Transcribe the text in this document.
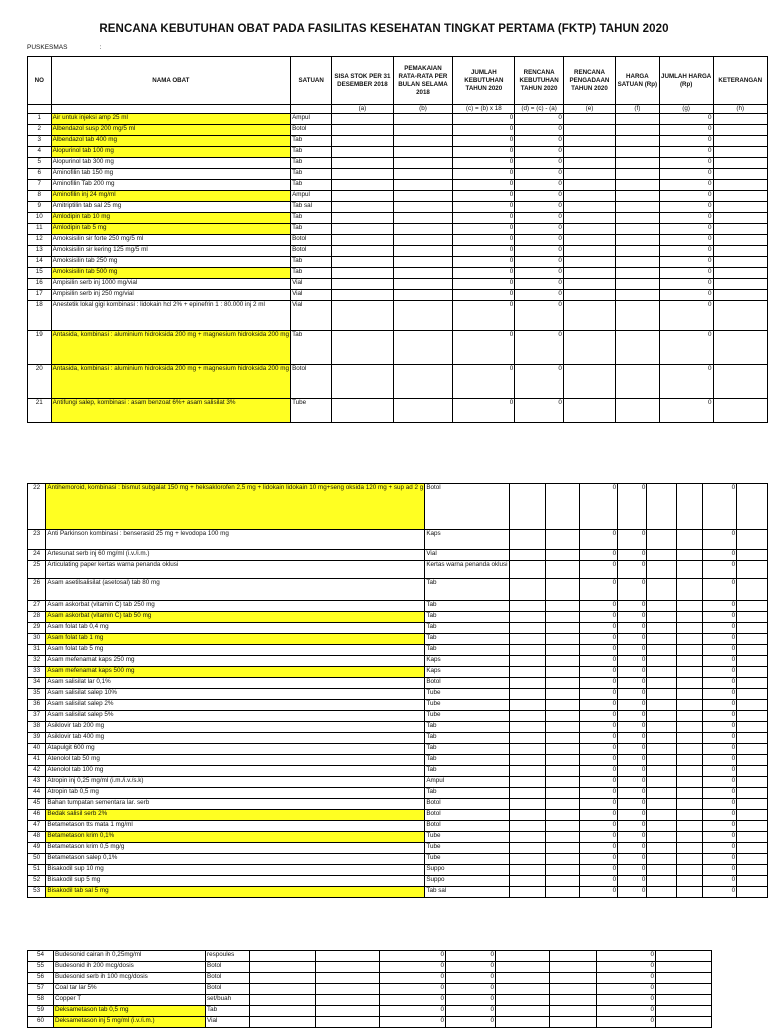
RENCANA KEBUTUHAN OBAT PADA FASILITAS KESEHATAN TINGKAT PERTAMA (FKTP) TAHUN 2020
PUSKESMAS	:
NO	NAMA OBAT	SATUAN	SISA STOK PER 31 DESEMBER 2018	PEMAKAIAN RATA-RATA PER BULAN SELAMA 2018	JUMLAH KEBUTUHAN TAHUN 2020	RENCANA KEBUTUHAN TAHUN 2020	RENCANA PENGADAAN TAHUN 2020	HARGA SATUAN (Rp)	JUMLAH HARGA (Rp)	KETERANGAN
			(a)	(b)	(c) = (b) x 18	(d) = (c) - (a)	(e)	(f)	(g)	(h)
1	Air untuk injeksi amp 25 ml	Ampul			0	0			0	
2	Albendazol susp 200 mg/5 ml	Botol			0	0			0	
3	Albendazol tab 400 mg	Tab			0	0			0	
4	Alopurinol tab 100 mg	Tab			0	0			0	
5	Alopurinol tab 300 mg	Tab			0	0			0	
6	Aminofilin tab 150 mg	Tab			0	0			0	
7	Aminofilin Tab 200 mg	Tab			0	0			0	
8	Aminofilin inj 24 mg/ml	Ampul			0	0			0	
9	Amitriptilin tab sal 25 mg	Tab sal			0	0			0	
10	Amlodipin tab 10 mg	Tab			0	0			0	
11	Amlodipin tab 5 mg	Tab			0	0			0	
12	Amoksisilin sir forte 250 mg/5 ml	Botol			0	0			0	
13	Amoksisilin sir kering 125 mg/5 ml	Botol			0	0			0	
14	Amoksisilin tab 250 mg	Tab			0	0			0	
15	Amoksisilin tab 500 mg	Tab			0	0			0	
16	Ampisilin serb inj 1000 mg/vial	Vial			0	0			0	
17	Ampisilin serb inj 250 mg/vial	Vial			0	0			0	
18	Anestetik lokal gigi kombinasi : lidokain hcl 2% + epinefrin 1 : 80.000 inj 2 ml	Vial			0	0			0	
19	Antasida, kombinasi : aluminium hidroksida 200 mg + magnesium hidroksida 200 mg	Tab			0	0			0	
20	Antasida, kombinasi : aluminium hidroksida 200 mg + magnesium hidroksida 200 mg	Botol			0	0			0	
21	Antifungi salep, kombinasi : asam benzoat 6%+ asam salisilat 3%	Tube			0	0			0	
22	Antihemoroid, kombinasi : bismut subgalat 150 mg + heksaklorofen 2,5 mg + lidokain lidokain 10 mg+seng oksida 120 mg + sup ad 2 g	Botol			0	0			0	
23	Anti Parkinson kombinasi : benserasid 25 mg + levodopa 100 mg	Kaps			0	0			0	
24	Artesunat serb inj 60 mg/ml (i.v./i.m.)	Vial			0	0			0	
25	Articulating paper kertas warna penanda oklusi	Kertas warna penanda oklusi			0	0			0	
26	Asam asetilsalisilat (asetosal) tab 80 mg	Tab			0	0			0	
27	Asam askorbat (vitamin C) tab 250 mg	Tab			0	0			0	
28	Asam askorbat (vitamin C) tab 50 mg	Tab			0	0			0	
29	Asam folat tab 0,4 mg	Tab			0	0			0	
30	Asam folat tab 1 mg	Tab			0	0			0	
31	Asam folat tab 5 mg	Tab			0	0			0	
32	Asam mefenamat kaps 250 mg	Kaps			0	0			0	
33	Asam mefenamat kaps 500 mg	Kaps			0	0			0	
34	Asam salisilat lar 0,1%	Botol			0	0			0	
35	Asam salisilat salep 10%	Tube			0	0			0	
36	Asam salisilat salep 2%	Tube			0	0			0	
37	Asam salisilat salep 5%	Tube			0	0			0	
38	Asiklovir tab 200 mg	Tab			0	0			0	
39	Asiklovir tab 400 mg	Tab			0	0			0	
40	Atapulgit 600 mg	Tab			0	0			0	
41	Atenolol tab 50 mg	Tab			0	0			0	
42	Atenolol tab 100 mg	Tab			0	0			0	
43	Atropin inj 0,25 mg/ml (i.m./i.v./s.k)	Ampul			0	0			0	
44	Atropin tab 0,5 mg	Tab			0	0			0	
45	Bahan tumpatan sementara lar. serb	Botol			0	0			0	
46	Bedak salisil serb 2%	Botol			0	0			0	
47	Betametason tts mata 1 mg/ml	Botol			0	0			0	
48	Betametason krim 0,1%	Tube			0	0			0	
49	Betametason krim 0,5 mg/g	Tube			0	0			0	
50	Betametason salep 0,1%	Tube			0	0			0	
51	Bisakodil sup 10 mg	Suppo			0	0			0	
52	Bisakodil sup 5 mg	Suppo			0	0			0	
53	Bisakodil tab sal 5 mg	Tab sal			0	0			0	
54	Budesonid cairan ih 0,25mg/ml	respoules			0	0			0	
55	Budesonid ih 200 mcg/dosis	Botol			0	0			0	
56	Budesonid serb ih 100 mcg/dosis	Botol			0	0			0	
57	Coal tar lar 5%	Botol			0	0			0	
58	Copper T	set/buah			0	0			0	
59	Deksametason tab 0,5 mg	Tab			0	0			0	
60	Deksametason inj 5 mg/ml (i.v./i.m.)	Vial			0	0			0	
